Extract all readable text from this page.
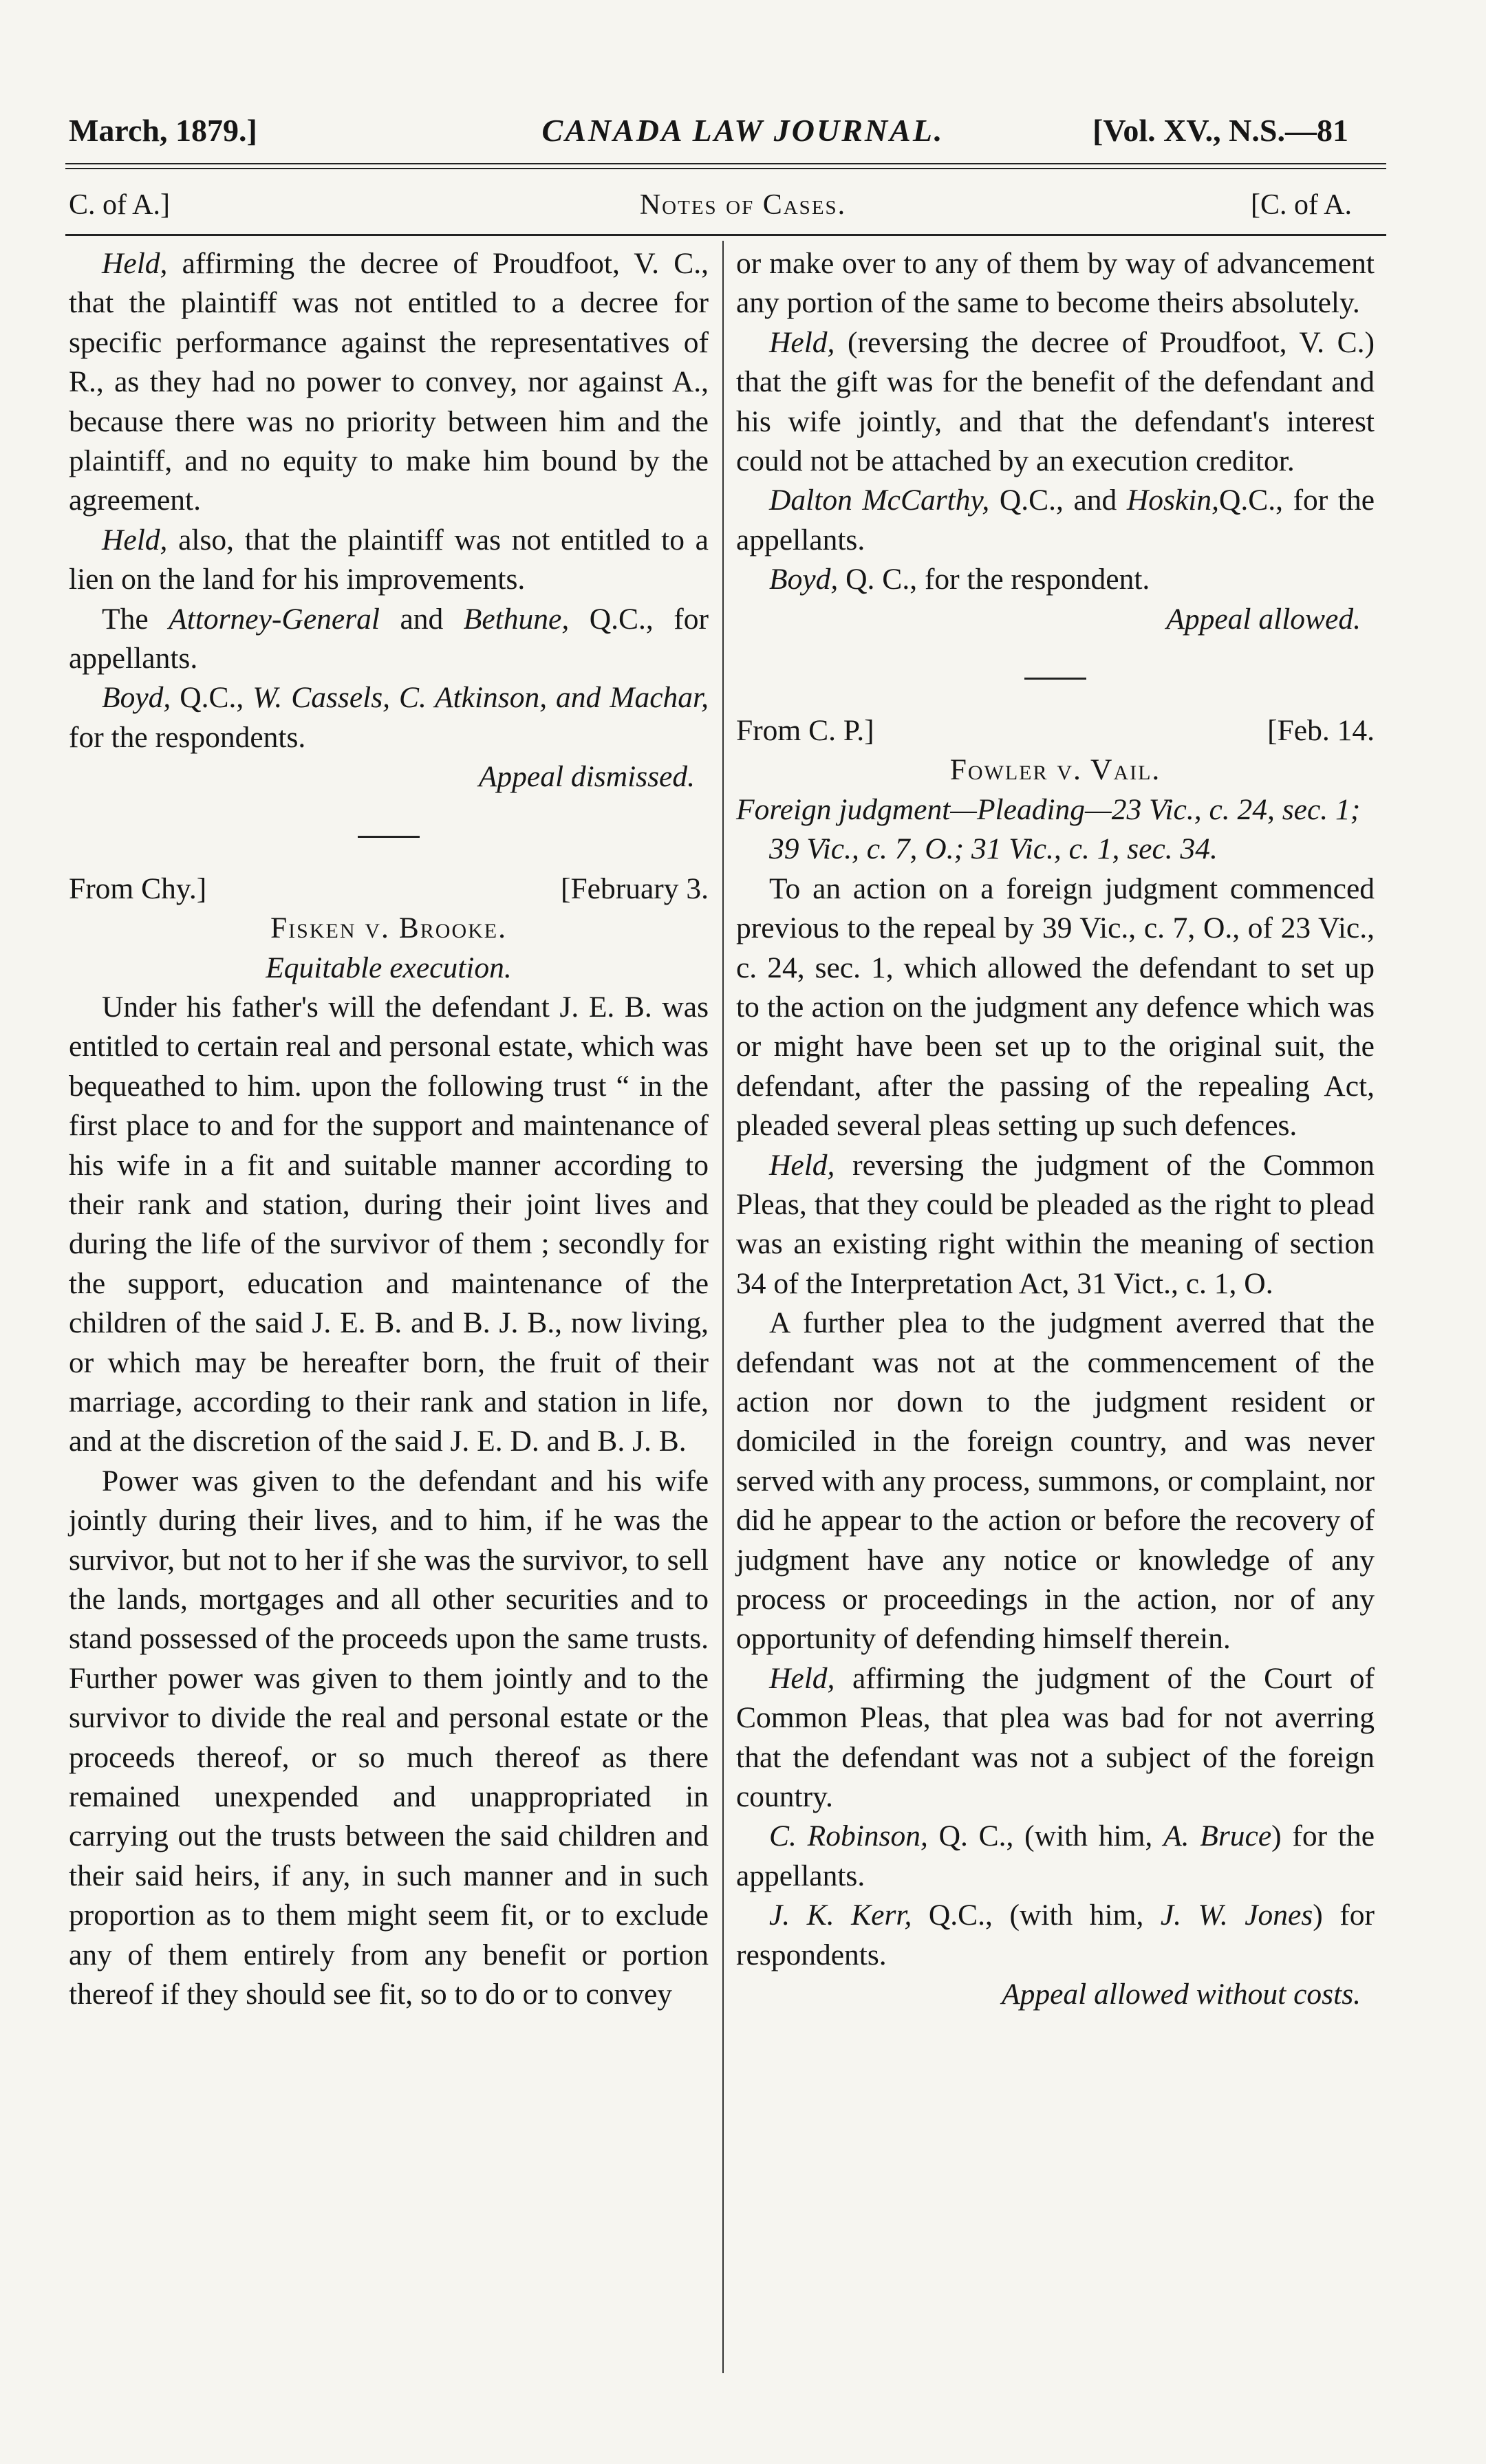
March, 1879.]	CANADA LAW JOURNAL.	[Vol. XV., N.S.—81
C. of A.]	Notes of Cases.	[C. of A.

Held, affirming the decree of Proudfoot, V. C., that the plaintiff was not entitled to a decree for specific performance against the representatives of R., as they had no power to convey, nor against A., because there was no priority between him and the plaintiff, and no equity to make him bound by the agreement.

Held, also, that the plaintiff was not entitled to a lien on the land for his improvements.

The Attorney-General and Bethune, Q.C., for appellants.

Boyd, Q.C., W. Cassels, C. Atkinson, and Machar, for the respondents.

Appeal dismissed.

From Chy.]	[February 3.

Fisken v. Brooke.

Equitable execution.

Under his father's will the defendant J. E. B. was entitled to certain real and personal estate, which was bequeathed to him. upon the following trust “ in the first place to and for the support and maintenance of his wife in a fit and suitable manner according to their rank and station, during their joint lives and during the life of the survivor of them ; secondly for the support, education and maintenance of the children of the said J. E. B. and B. J. B., now living, or which may be hereafter born, the fruit of their marriage, according to their rank and station in life, and at the discretion of the said J. E. D. and B. J. B.

Power was given to the defendant and his wife jointly during their lives, and to him, if he was the survivor, but not to her if she was the survivor, to sell the lands, mortgages and all other securities and to stand possessed of the proceeds upon the same trusts. Further power was given to them jointly and to the survivor to divide the real and personal estate or the proceeds thereof, or so much thereof as there remained unexpended and unappropriated in carrying out the trusts between the said children and their said heirs, if any, in such manner and in such proportion as to them might seem fit, or to exclude any of them entirely from any benefit or portion thereof if they should see fit, so to do or to convey

or make over to any of them by way of advancement any portion of the same to become theirs absolutely.

Held, (reversing the decree of Proudfoot, V. C.) that the gift was for the benefit of the defendant and his wife jointly, and that the defendant's interest could not be attached by an execution creditor.

Dalton McCarthy, Q.C., and Hoskin,Q.C., for the appellants.

Boyd, Q. C., for the respondent.

Appeal allowed.

From C. P.]	[Feb. 14.

Fowler v. Vail.

Foreign judgment—Pleading—23 Vic., c. 24, sec. 1; 39 Vic., c. 7, O.; 31 Vic., c. 1, sec. 34.

To an action on a foreign judgment commenced previous to the repeal by 39 Vic., c. 7, O., of 23 Vic., c. 24, sec. 1, which allowed the defendant to set up to the action on the judgment any defence which was or might have been set up to the original suit, the defendant, after the passing of the repealing Act, pleaded several pleas setting up such defences.

Held, reversing the judgment of the Common Pleas, that they could be pleaded as the right to plead was an existing right within the meaning of section 34 of the Interpretation Act, 31 Vict., c. 1, O.

A further plea to the judgment averred that the defendant was not at the commencement of the action nor down to the judgment resident or domiciled in the foreign country, and was never served with any process, summons, or complaint, nor did he appear to the action or before the recovery of judgment have any notice or knowledge of any process or proceedings in the action, nor of any opportunity of defending himself therein.

Held, affirming the judgment of the Court of Common Pleas, that plea was bad for not averring that the defendant was not a subject of the foreign country.

C. Robinson, Q. C., (with him, A. Bruce) for the appellants.

J. K. Kerr, Q.C., (with him, J. W. Jones) for respondents.

Appeal allowed without costs.
